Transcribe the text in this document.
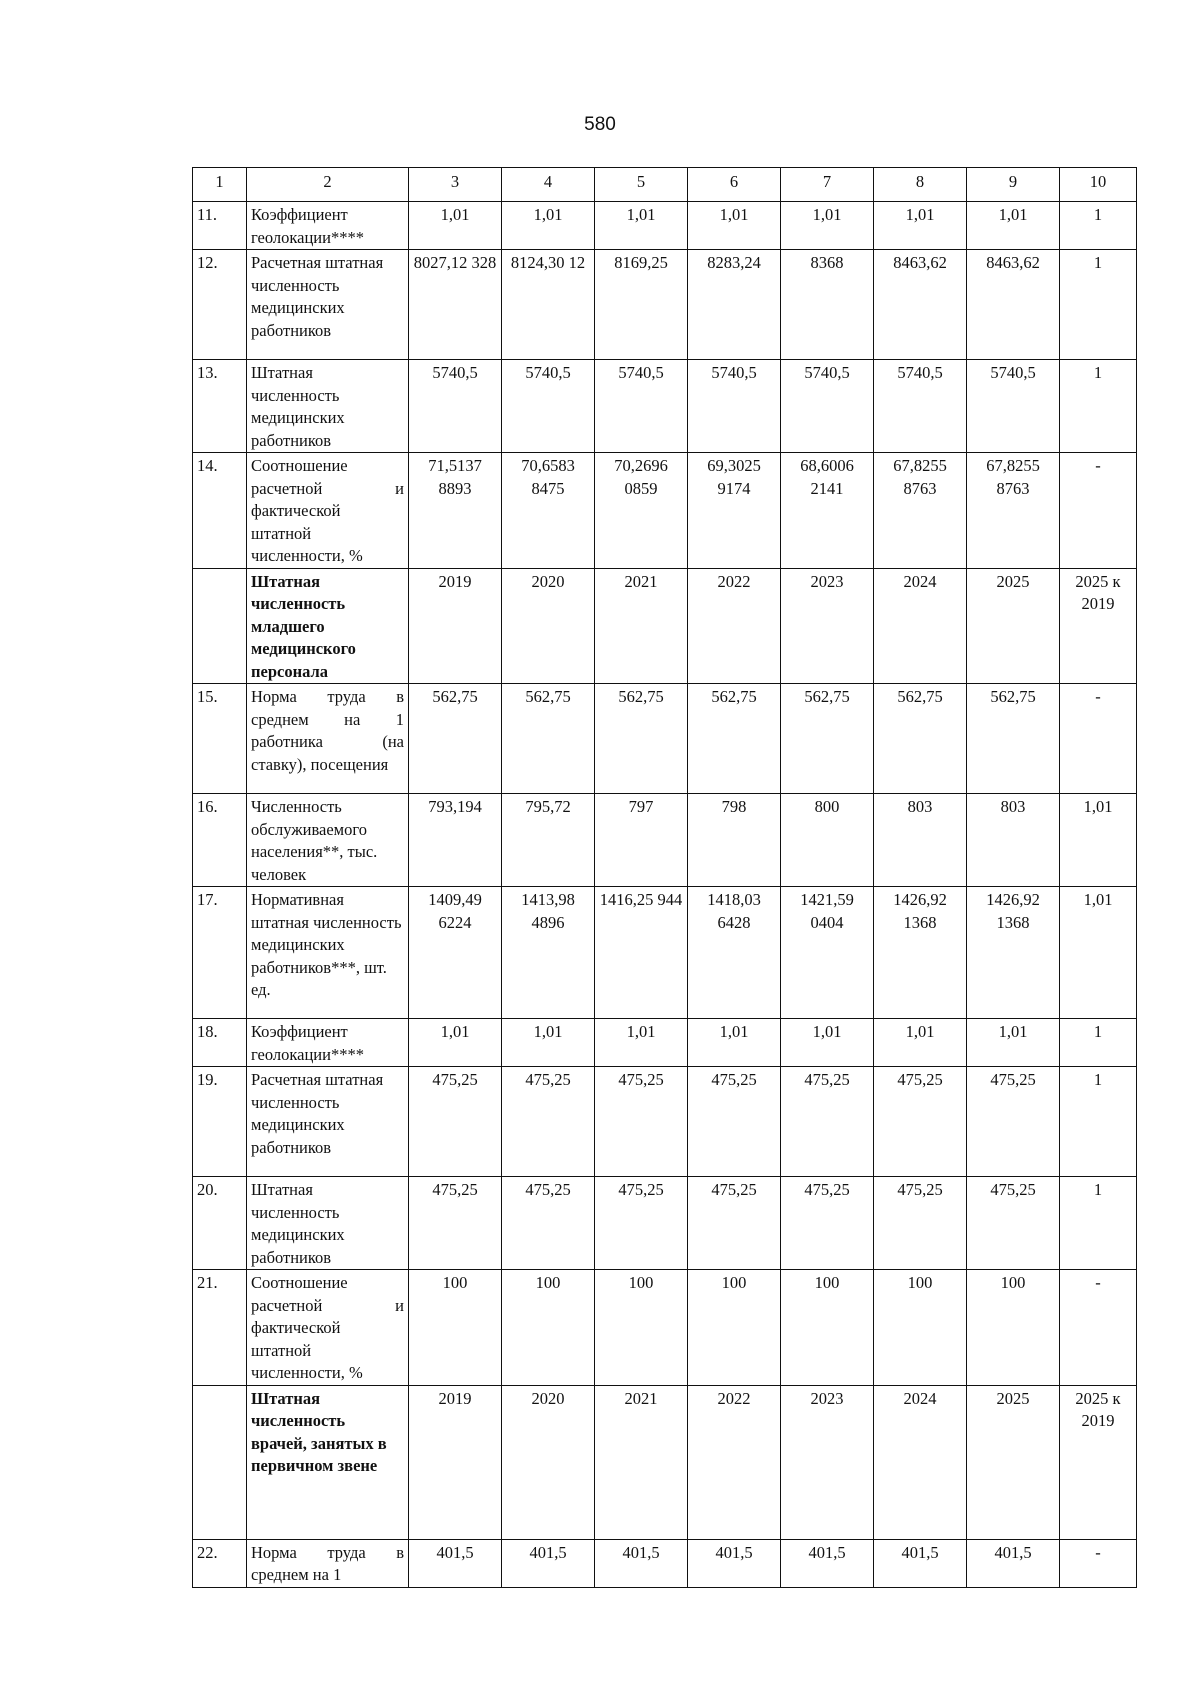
580
1	2	3	4	5	6	7	8	9	10
11.	Коэффициент геолокации****	1,01	1,01	1,01	1,01	1,01	1,01	1,01	1
12.	Расчетная штатная численность медицинских работников	8027,12 328	8124,30 12	8169,25	8283,24	8368	8463,62	8463,62	1
13.	Штатная численность медицинских работников	5740,5	5740,5	5740,5	5740,5	5740,5	5740,5	5740,5	1
14.	Соотношение расчетной и фактической штатной численности, %	71,5137 8893	70,6583 8475	70,2696 0859	69,3025 9174	68,6006 2141	67,8255 8763	67,8255 8763	-
	Штатная численность младшего медицинского персонала	2019	2020	2021	2022	2023	2024	2025	2025 к 2019
15.	Норма труда в среднем на 1 работника (на ставку), посещения	562,75	562,75	562,75	562,75	562,75	562,75	562,75	-
16.	Численность обслуживаемого населения**, тыс. человек	793,194	795,72	797	798	800	803	803	1,01
17.	Нормативная штатная численность медицинских работников***, шт. ед.	1409,49 6224	1413,98 4896	1416,25 944	1418,03 6428	1421,59 0404	1426,92 1368	1426,92 1368	1,01
18.	Коэффициент геолокации****	1,01	1,01	1,01	1,01	1,01	1,01	1,01	1
19.	Расчетная штатная численность медицинских работников	475,25	475,25	475,25	475,25	475,25	475,25	475,25	1
20.	Штатная численность медицинских работников	475,25	475,25	475,25	475,25	475,25	475,25	475,25	1
21.	Соотношение расчетной и фактической штатной численности, %	100	100	100	100	100	100	100	-
	Штатная численность врачей, занятых в первичном звене	2019	2020	2021	2022	2023	2024	2025	2025 к 2019
22.	Норма труда в среднем на 1	401,5	401,5	401,5	401,5	401,5	401,5	401,5	-
